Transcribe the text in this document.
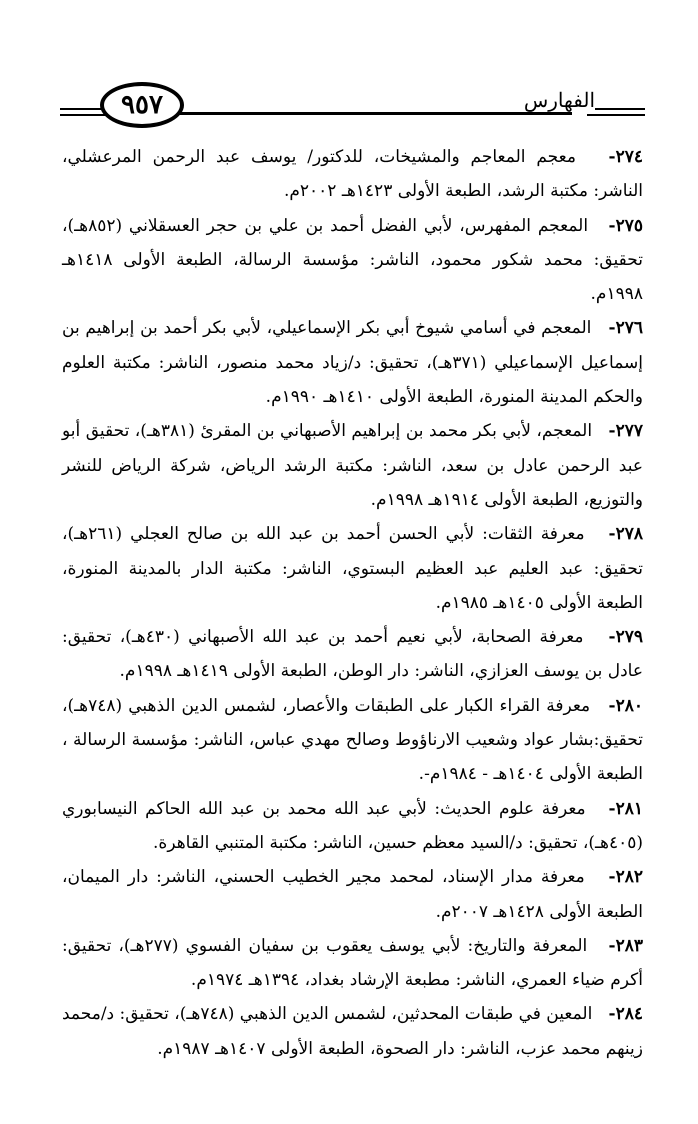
٩٥٧	الفهارس

٢٧٤-   معجم المعاجم والمشيخات، للدكتور/ يوسف عبد الرحمن المرعشلي، الناشر: مكتبة الرشد، الطبعة الأولى ١٤٢٣هـ ٢٠٠٢م.

٢٧٥-   المعجم المفهرس، لأبي الفضل أحمد بن علي بن حجر العسقلاني (٨٥٢هـ)، تحقيق: محمد شكور محمود، الناشر: مؤسسة الرسالة، الطبعة الأولى ١٤١٨هـ ١٩٩٨م.

٢٧٦-   المعجم في أسامي شيوخ أبي بكر الإسماعيلي، لأبي بكر أحمد بن إبراهيم بن إسماعيل الإسماعيلي (٣٧١هـ)، تحقيق: د/زياد محمد منصور، الناشر: مكتبة العلوم والحكم المدينة المنورة، الطبعة الأولى ١٤١٠هـ ١٩٩٠م.

٢٧٧-   المعجم، لأبي بكر محمد بن إبراهيم الأصبهاني بن المقرئ (٣٨١هـ)، تحقيق أبو عبد الرحمن عادل بن سعد، الناشر: مكتبة الرشد الرياض، شركة الرياض للنشر والتوزيع، الطبعة الأولى ١٩١٤هـ ١٩٩٨م.

٢٧٨-   معرفة الثقات: لأبي الحسن أحمد بن عبد الله بن صالح العجلي (٢٦١هـ)، تحقيق: عبد العليم عبد العظيم البستوي، الناشر: مكتبة الدار بالمدينة المنورة، الطبعة الأولى ١٤٠٥هـ ١٩٨٥م.

٢٧٩-   معرفة الصحابة، لأبي نعيم أحمد بن عبد الله الأصبهاني (٤٣٠هـ)، تحقيق: عادل بن يوسف العزازي، الناشر: دار الوطن، الطبعة الأولى ١٤١٩هـ ١٩٩٨م.

٢٨٠-   معرفة القراء الكبار على الطبقات والأعصار، لشمس الدين الذهبي (٧٤٨هـ)، تحقيق:بشار عواد وشعيب الارناؤوط وصالح مهدي عباس، الناشر: مؤسسة الرسالة ، الطبعة الأولى ١٤٠٤هـ - ١٩٨٤م-.

٢٨١-   معرفة علوم الحديث: لأبي عبد الله محمد بن عبد الله الحاكم النيسابوري (٤٠٥هـ)، تحقيق: د/السيد معظم حسين، الناشر: مكتبة المتنبي القاهرة.

٢٨٢-   معرفة مدار الإسناد، لمحمد مجير الخطيب الحسني، الناشر: دار الميمان، الطبعة الأولى ١٤٢٨هـ ٢٠٠٧م.

٢٨٣-   المعرفة والتاريخ: لأبي يوسف يعقوب بن سفيان الفسوي (٢٧٧هـ)، تحقيق: أكرم ضياء العمري، الناشر: مطبعة الإرشاد بغداد، ١٣٩٤هـ ١٩٧٤م.

٢٨٤-   المعين في طبقات المحدثين، لشمس الدين الذهبي (٧٤٨هـ)، تحقيق: د/محمد زينهم محمد عزب، الناشر: دار الصحوة، الطبعة الأولى ١٤٠٧هـ ١٩٨٧م.
